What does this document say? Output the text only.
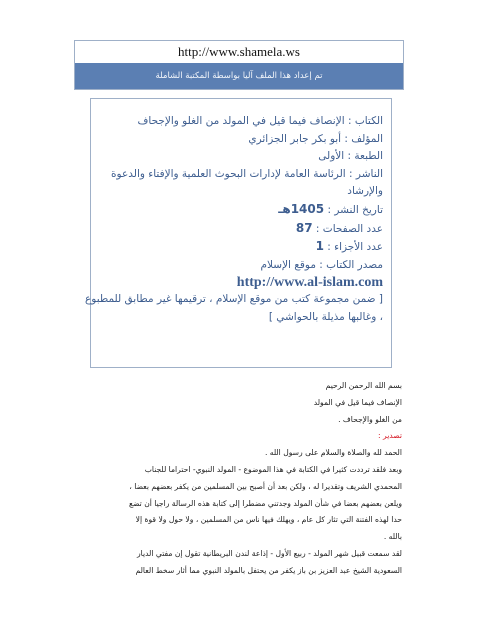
http://www.shamela.ws
تم إعداد هذا الملف آليا بواسطة المكتبة الشاملة
الكتاب : الإنصاف فيما قيل في المولد من الغلو والإجحاف
المؤلف : أبو بكر جابر الجزائري
الطبعة : الأولى
الناشر : الرئاسة العامة لإدارات البحوث العلمية والإفتاء والدعوة
والإرشاد
تاريخ النشر : 1405هـ
عدد الصفحات : 87
عدد الأجزاء : 1
مصدر الكتاب : موقع الإسلام
http://www.al-islam.com
[ ضمن مجموعة كتب من موقع الإسلام ، ترقيمها غير مطابق للمطبوع
، وغالبها مذيلة بالحواشي ]
بسم الله الرحمن الرحيم
الإنصاف فيما قيل في المولد
من الغلو والإجحاف .
تصدير :
الحمد لله والصلاة والسلام على رسول الله .
وبعد فلقد ترددت كثيرا في الكتابة في هذا الموضوع - المولد النبوي- احتراما للجناب
المحمدي الشريف وتقديرا له ، ولكن بعد أن أصبح بين المسلمين من يكفر بعضهم بعضا ،
ويلعن بعضهم بعضا في شأن المولد وجدتني مضطرا إلى كتابة هذه الرسالة راجيا أن تضع
حدا لهذه الفتنة التي تثار كل عام ، ويهلك فيها ناس من المسلمين ، ولا حول ولا قوة إلا
بالله .
لقد سمعت قبيل شهر المولد - ربيع الأول - إذاعة لندن البريطانية تقول إن مفتي الديار
السعودية الشيخ عبد العزيز بن باز يكفر من يحتفل بالمولد النبوي مما أثار سخط العالم
